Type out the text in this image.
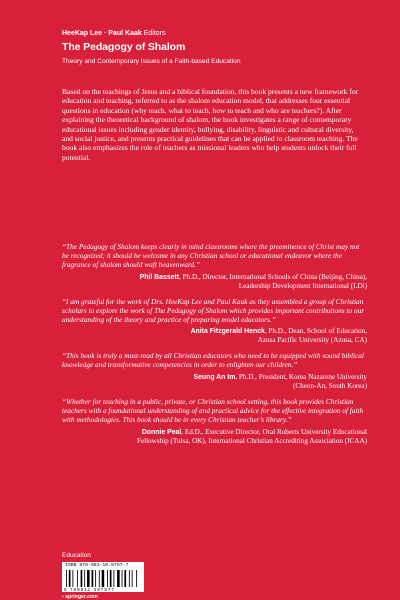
HeeKap Lee · Paul Kaak Editors
The Pedagogy of Shalom
Theory and Contemporary Issues of a Faith-based Education
Based on the teachings of Jesus and a biblical foundation, this book presents a new framework for education and teaching, referred to as the shalom education model, that addresses four essential questions in education (why teach, what to teach, how to teach and who are teachers?). After explaining the theoretical background of shalom, the book investigates a range of contemporary educational issues including gender identity, bullying, disability, linguistic and cultural diversity, and social justice, and presents practical guidelines that can be applied to classroom teaching. The book also emphasizes the role of teachers as missional leaders who help students unlock their full potential.
“The Pedagogy of Shalom keeps clearly in mind classrooms where the preeminence of Christ may not be recognized; it should be welcome in any Christian school or educational endeavor where the fragrance of shalom should waft heavenward.”
Phil Bassett, Ph.D., Director, International Schools of China (Beijing, China),
Leadership Development International (LDi)
“I am grateful for the work of Drs. HeeKap Lee and Paul Kaak as they assembled a group of Christian scholars to explore the work of The Pedagogy of Shalom which provides important contributions to our understanding of the theory and practice of preparing model educators.”
Anita Fitzgerald Henck, Ph.D., Dean, School of Education,
Azusa Pacific University (Azusa, CA)
“This book is truly a must-read by all Christian educators who need to be equipped with sound biblical knowledge and transformative competencies in order to enlighten our children.”
Seung An Im, Ph.D., President, Korea Nazarene University
(Cheon-An, South Korea)
“Whether for teaching in a public, private, or Christian school setting, this book provides Christian teachers with a foundational understanding of and practical advice for the effective integration of faith with methodologies. This book should be in every Christian teacher’s library.”
Donnie Peal, Ed.D., Executive Director, Oral Roberts University Educational
Fellowship (Tulsa, OK), International Christian Accrediting Association (ICAA)
Education
ISBN 978-981-10-9757-7
9 789811 097577
› springer.com
